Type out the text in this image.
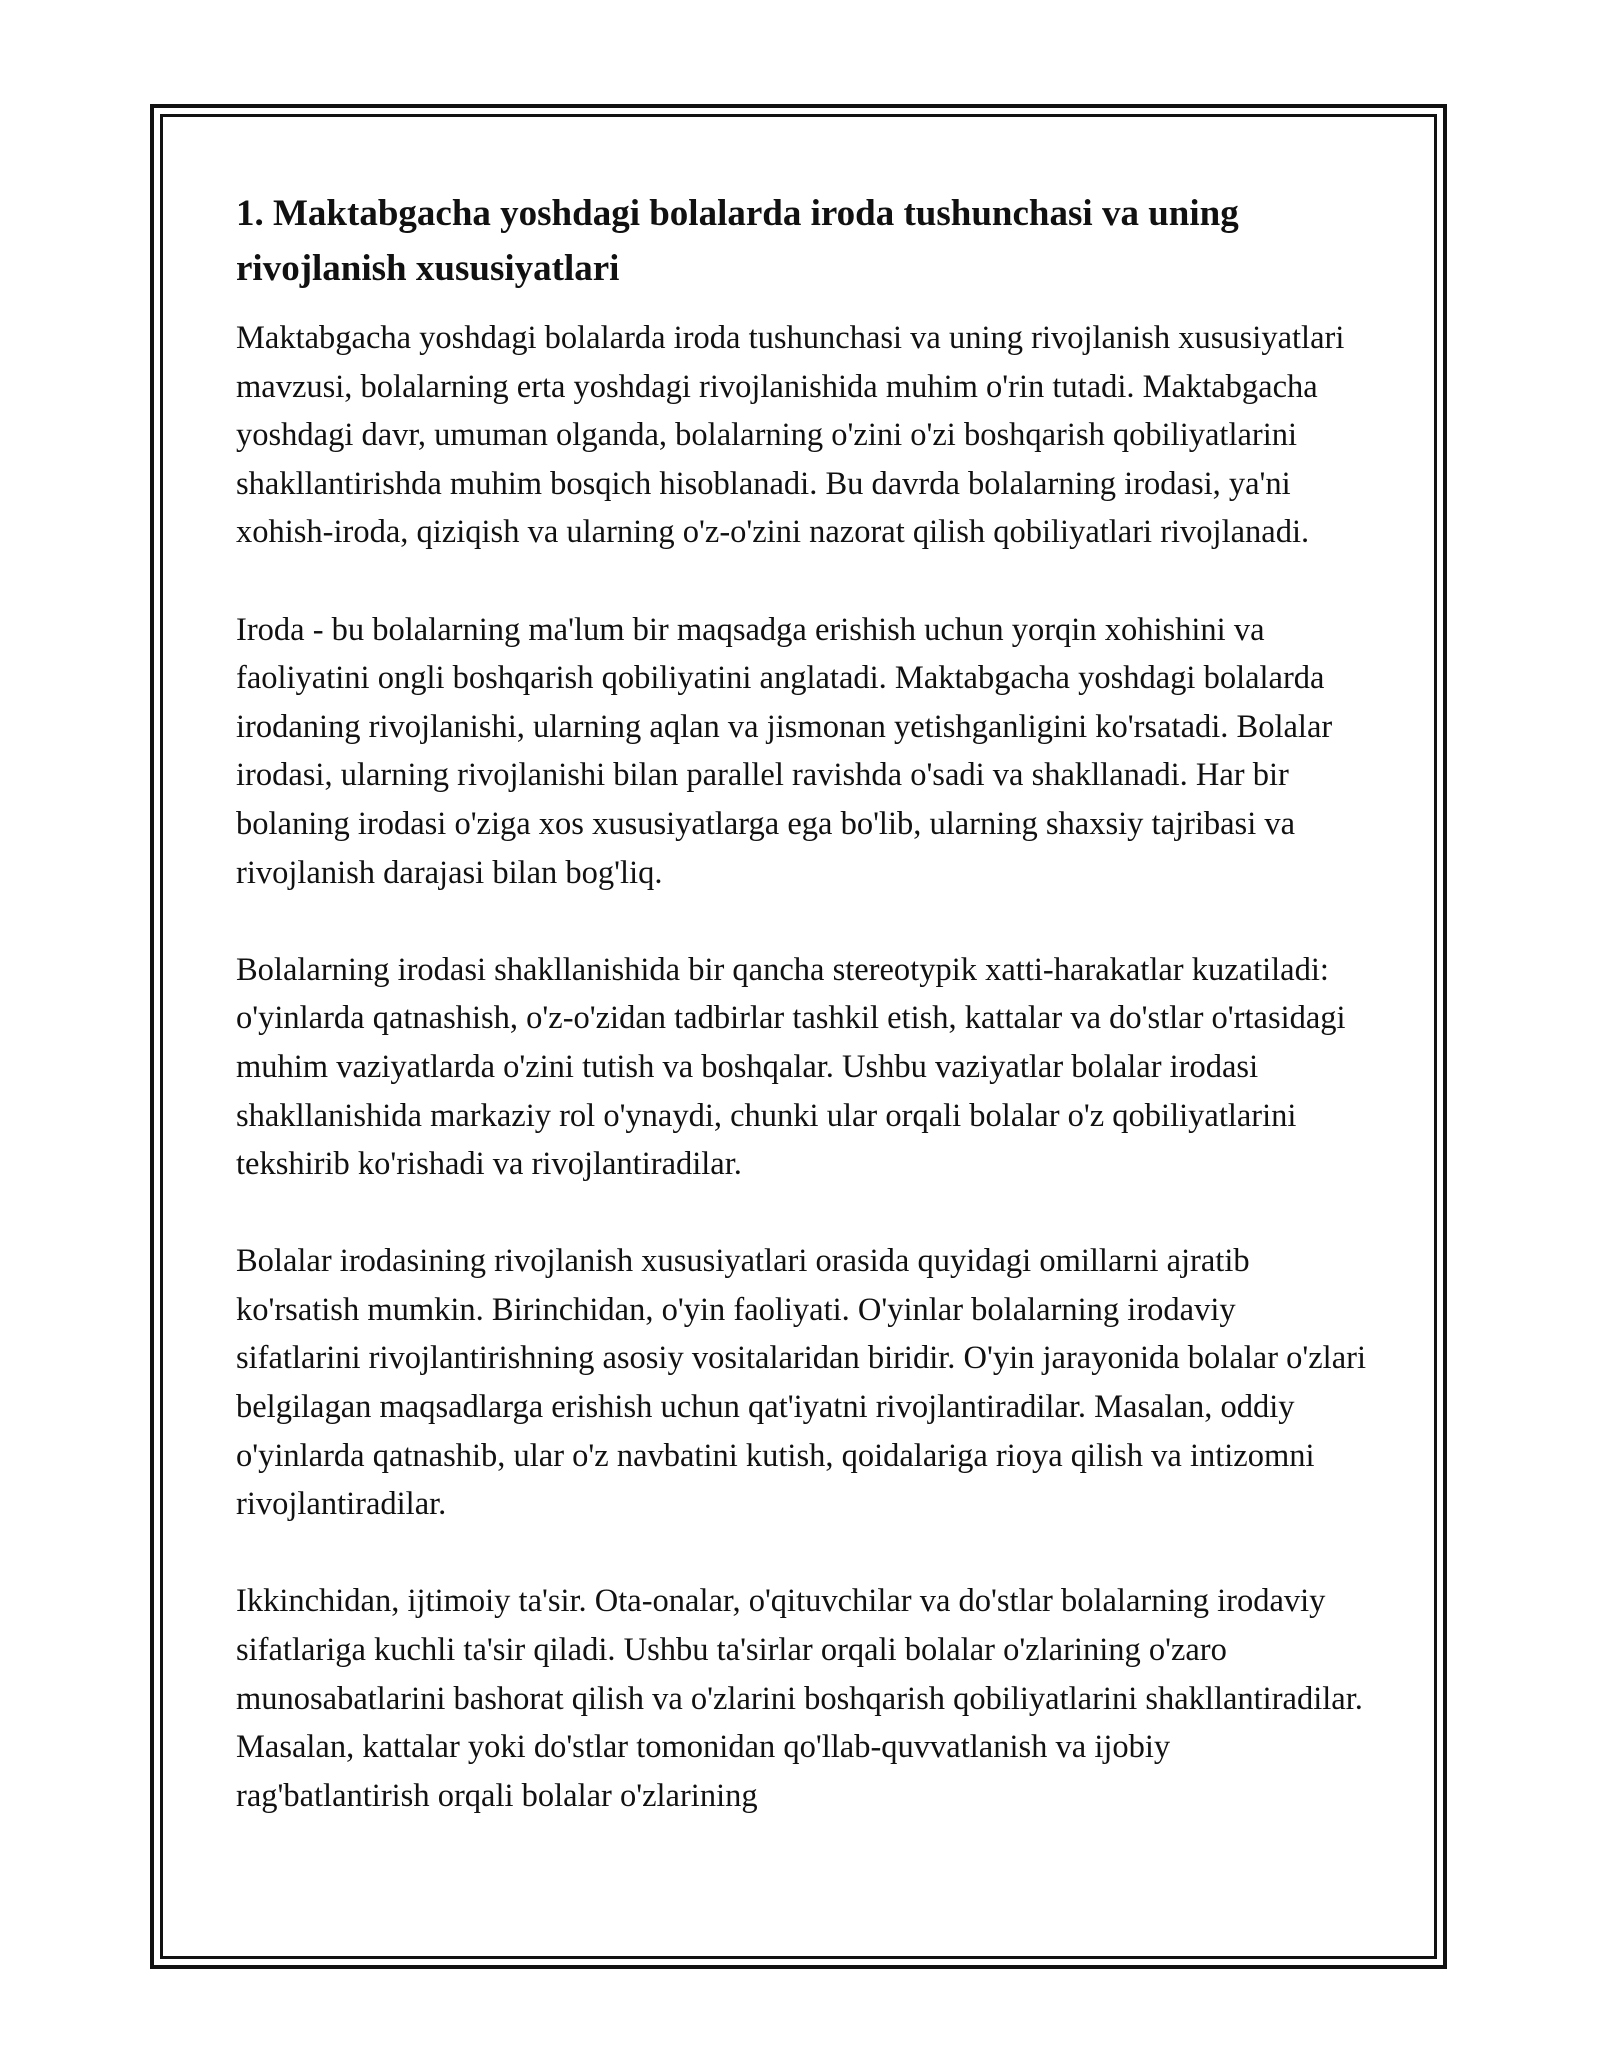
1. Maktabgacha yoshdagi bolalarda iroda tushunchasi va uning rivojlanish xususiyatlari

Maktabgacha yoshdagi bolalarda iroda tushunchasi va uning rivojlanish xususiyatlari mavzusi, bolalarning erta yoshdagi rivojlanishida muhim o'rin tutadi. Maktabgacha yoshdagi davr, umuman olganda, bolalarning o'zini o'zi boshqarish qobiliyatlarini shakllantirishda muhim bosqich hisoblanadi. Bu davrda bolalarning irodasi, ya'ni xohish-iroda, qiziqish va ularning o'z-o'zini nazorat qilish qobiliyatlari rivojlanadi.

Iroda - bu bolalarning ma'lum bir maqsadga erishish uchun yorqin xohishini va faoliyatini ongli boshqarish qobiliyatini anglatadi. Maktabgacha yoshdagi bolalarda irodaning rivojlanishi, ularning aqlan va jismonan yetishganligini ko'rsatadi. Bolalar irodasi, ularning rivojlanishi bilan parallel ravishda o'sadi va shakllanadi. Har bir bolaning irodasi o'ziga xos xususiyatlarga ega bo'lib, ularning shaxsiy tajribasi va rivojlanish darajasi bilan bog'liq.

Bolalarning irodasi shakllanishida bir qancha stereotypik xatti-harakatlar kuzatiladi: o'yinlarda qatnashish, o'z-o'zidan tadbirlar tashkil etish, kattalar va do'stlar o'rtasidagi muhim vaziyatlarda o'zini tutish va boshqalar. Ushbu vaziyatlar bolalar irodasi shakllanishida markaziy rol o'ynaydi, chunki ular orqali bolalar o'z qobiliyatlarini tekshirib ko'rishadi va rivojlantiradilar.

Bolalar irodasining rivojlanish xususiyatlari orasida quyidagi omillarni ajratib ko'rsatish mumkin. Birinchidan, o'yin faoliyati. O'yinlar bolalarning irodaviy sifatlarini rivojlantirishning asosiy vositalaridan biridir. O'yin jarayonida bolalar o'zlari belgilagan maqsadlarga erishish uchun qat'iyatni rivojlantiradilar. Masalan, oddiy o'yinlarda qatnashib, ular o'z navbatini kutish, qoidalariga rioya qilish va intizomni rivojlantiradilar.

Ikkinchidan, ijtimoiy ta'sir. Ota-onalar, o'qituvchilar va do'stlar bolalarning irodaviy sifatlariga kuchli ta'sir qiladi. Ushbu ta'sirlar orqali bolalar o'zlarining o'zaro munosabatlarini bashorat qilish va o'zlarini boshqarish qobiliyatlarini shakllantiradilar. Masalan, kattalar yoki do'stlar tomonidan qo'llab-quvvatlanish va ijobiy rag'batlantirish orqali bolalar o'zlarining
